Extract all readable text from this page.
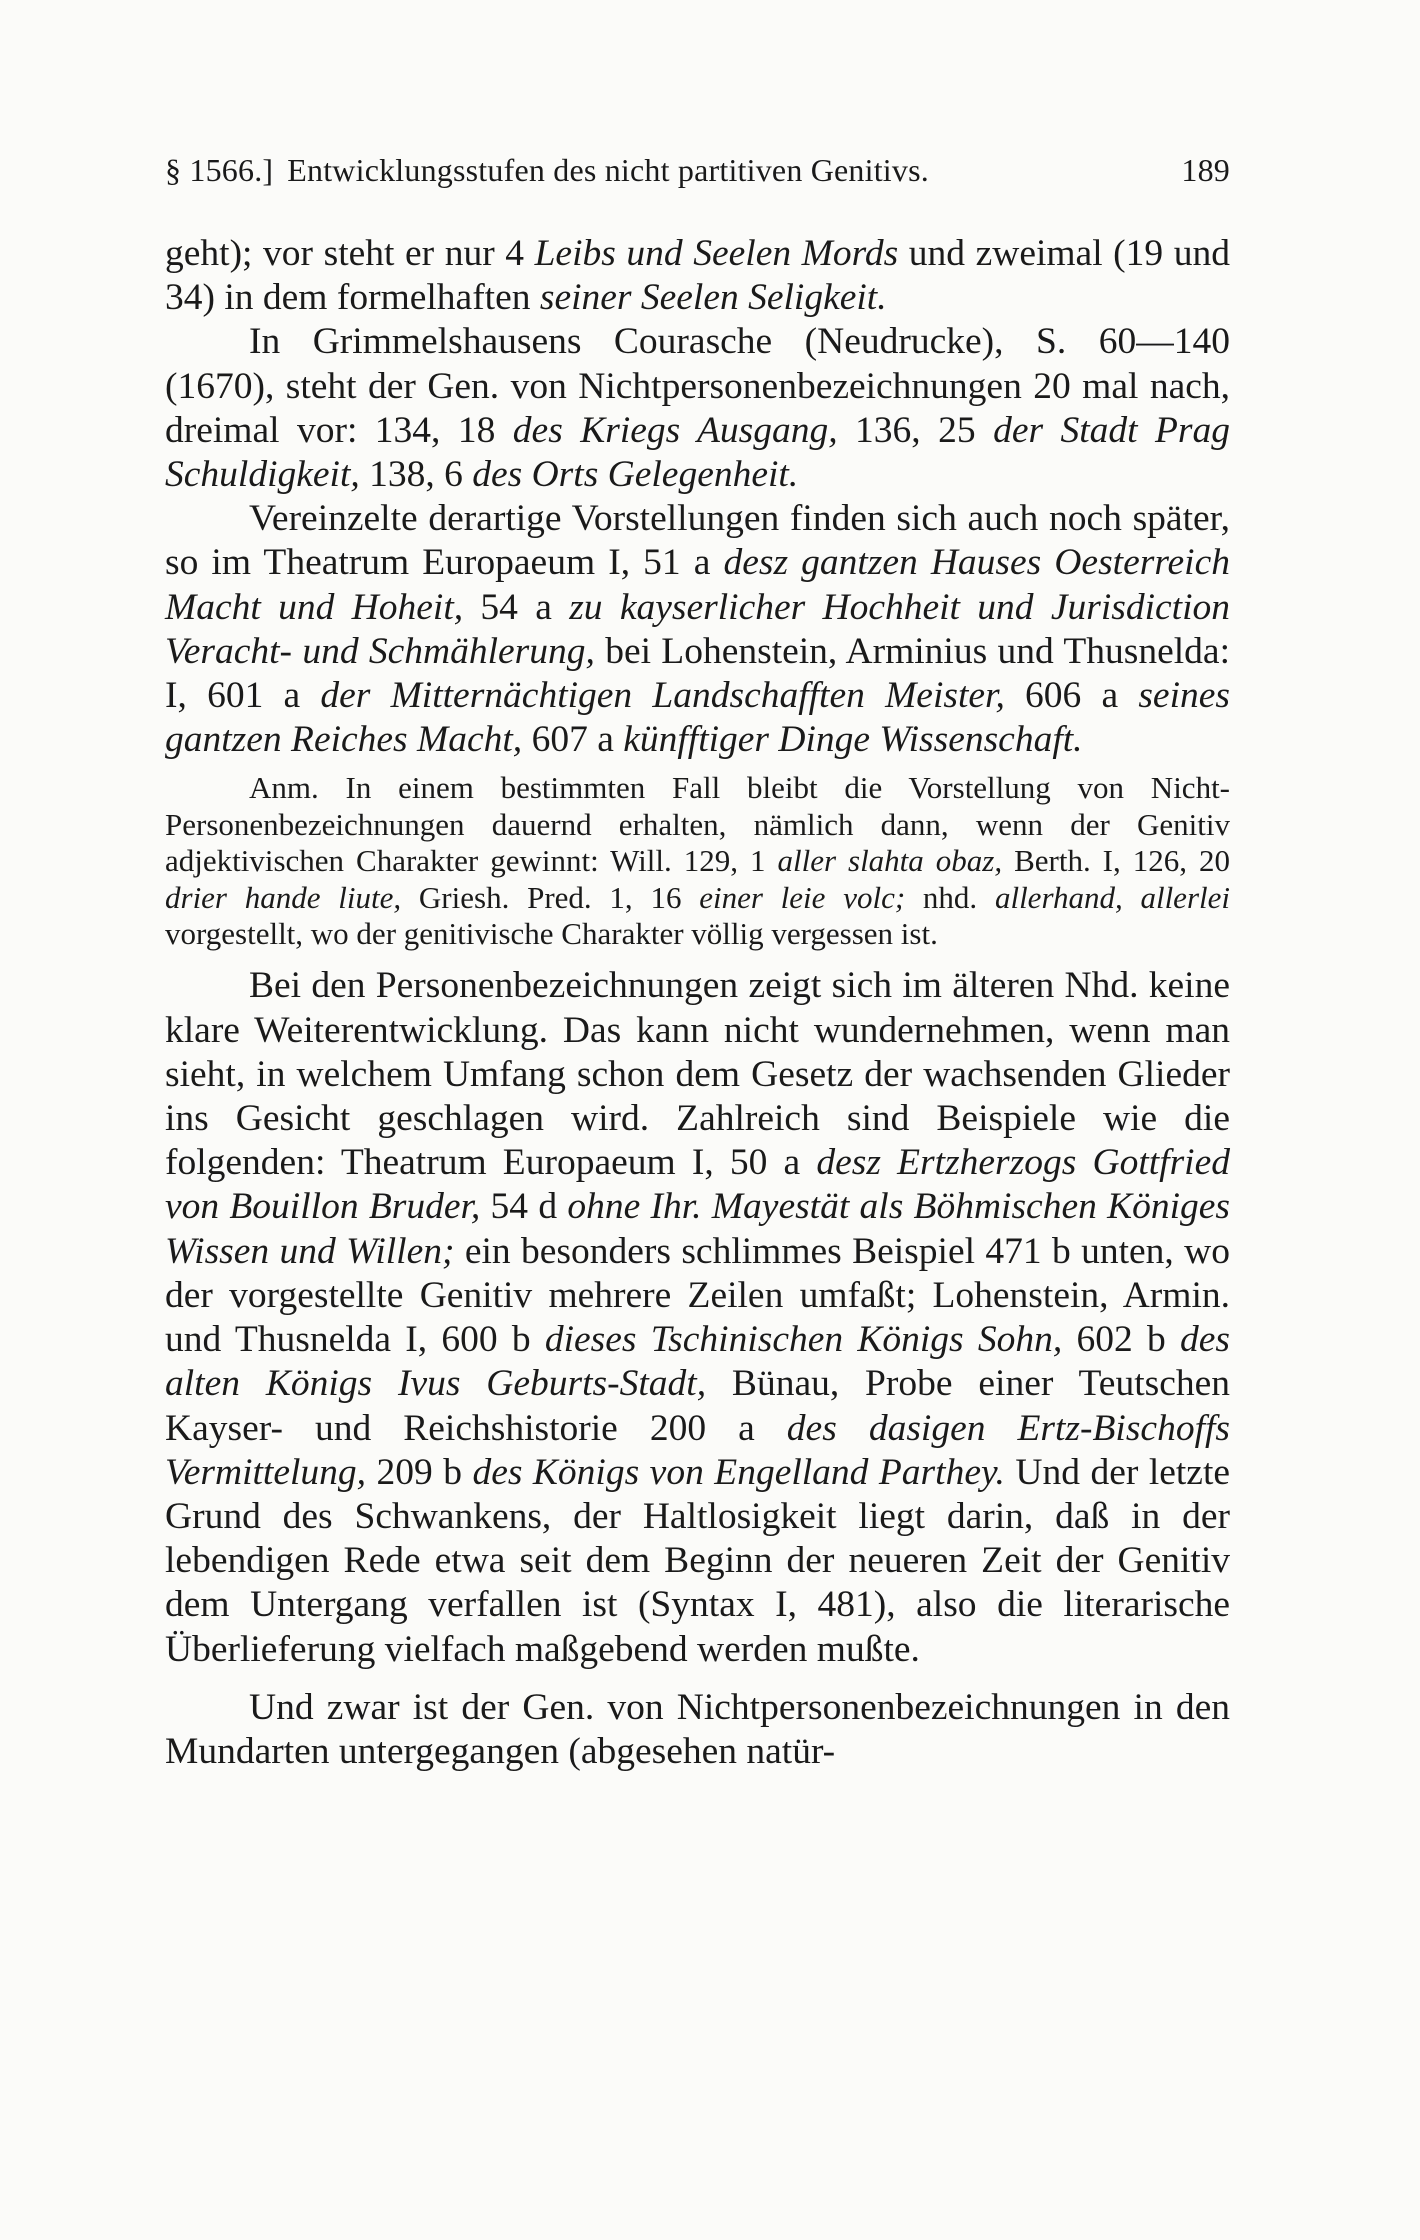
§ 1566.] Entwicklungsstufen des nicht partitiven Genitivs.	189

geht); vor steht er nur 4 Leibs und Seelen Mords und zweimal (19 und 34) in dem formelhaften seiner Seelen Seligkeit.

In Grimmelshausens Courasche (Neudrucke), S. 60—140 (1670), steht der Gen. von Nichtpersonenbezeichnungen 20 mal nach, dreimal vor: 134, 18 des Kriegs Ausgang, 136, 25 der Stadt Prag Schuldigkeit, 138, 6 des Orts Gelegenheit.

Vereinzelte derartige Vorstellungen finden sich auch noch später, so im Theatrum Europaeum I, 51 a desz gantzen Hauses Oesterreich Macht und Hoheit, 54 a zu kayserlicher Hochheit und Jurisdiction Veracht- und Schmählerung, bei Lohenstein, Arminius und Thusnelda: I, 601 a der Mitternächtigen Landschafften Meister, 606 a seines gantzen Reiches Macht, 607 a künfftiger Dinge Wissenschaft.

Anm. In einem bestimmten Fall bleibt die Vorstellung von Nicht-Personenbezeichnungen dauernd erhalten, nämlich dann, wenn der Genitiv adjektivischen Charakter gewinnt: Will. 129, 1 aller slahta obaz, Berth. I, 126, 20 drier hande liute, Griesh. Pred. 1, 16 einer leie volc; nhd. allerhand, allerlei vorgestellt, wo der genitivische Charakter völlig vergessen ist.

Bei den Personenbezeichnungen zeigt sich im älteren Nhd. keine klare Weiterentwicklung. Das kann nicht wundernehmen, wenn man sieht, in welchem Umfang schon dem Gesetz der wachsenden Glieder ins Gesicht geschlagen wird. Zahlreich sind Beispiele wie die folgenden: Theatrum Europaeum I, 50 a desz Ertzherzogs Gottfried von Bouillon Bruder, 54 d ohne Ihr. Mayestät als Böhmischen Königes Wissen und Willen; ein besonders schlimmes Beispiel 471 b unten, wo der vorgestellte Genitiv mehrere Zeilen umfaßt; Lohenstein, Armin. und Thusnelda I, 600 b dieses Tschinischen Königs Sohn, 602 b des alten Königs Ivus Geburts-Stadt, Bünau, Probe einer Teutschen Kayser- und Reichshistorie 200 a des dasigen Ertz-Bischoffs Vermittelung, 209 b des Königs von Engelland Parthey. Und der letzte Grund des Schwankens, der Haltlosigkeit liegt darin, daß in der lebendigen Rede etwa seit dem Beginn der neueren Zeit der Genitiv dem Untergang verfallen ist (Syntax I, 481), also die literarische Überlieferung vielfach maßgebend werden mußte.

Und zwar ist der Gen. von Nichtpersonenbezeichnungen in den Mundarten untergegangen (abgesehen natür-
